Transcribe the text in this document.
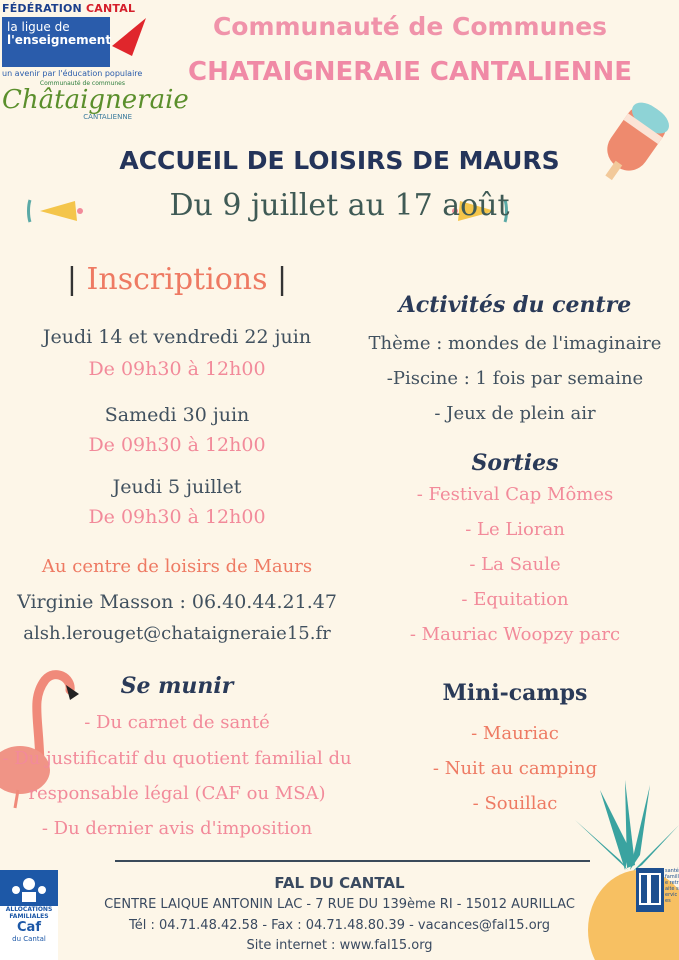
FÉDÉRATION CANTAL
la ligue de
l'enseignement
un avenir par l'éducation populaire
Communauté de communes
Châtaigneraie
CANTALIENNE
Communauté de Communes
CHATAIGNERAIE CANTALIENNE
ACCUEIL DE LOISIRS DE MAURS
Du 9 juillet au 17 août
| Inscriptions |
Jeudi 14 et vendredi 22 juin
De 09h30 à 12h00
Samedi 30 juin
De 09h30 à 12h00
Jeudi 5 juillet
De 09h30 à 12h00
Au centre de loisirs de Maurs
Virginie Masson : 06.40.44.21.47
alsh.lerouget@chataigneraie15.fr
Se munir
- Du carnet de santé
- Du justificatif du quotient familial du
responsable légal (CAF ou MSA)
- Du dernier avis d'imposition
Activités du centre
Thème : mondes de l'imaginaire
-Piscine : 1 fois par semaine
- Jeux de plein air
Sorties
- Festival Cap Mômes
- Le Lioran
- La Saule
- Equitation
- Mauriac Woopzy parc
Mini-camps
- Mauriac
- Nuit au camping
- Souillac
FAL DU CANTAL
CENTRE LAIQUE ANTONIN LAC - 7 RUE DU 139ème RI - 15012 AURILLAC
Tél : 04.71.48.42.58 - Fax : 04.71.48.80.39 - vacances@fal15.org
Site internet : www.fal15.org
ALLOCATIONS
FAMILIALES
Caf
du Cantal
santé famille retraite services
